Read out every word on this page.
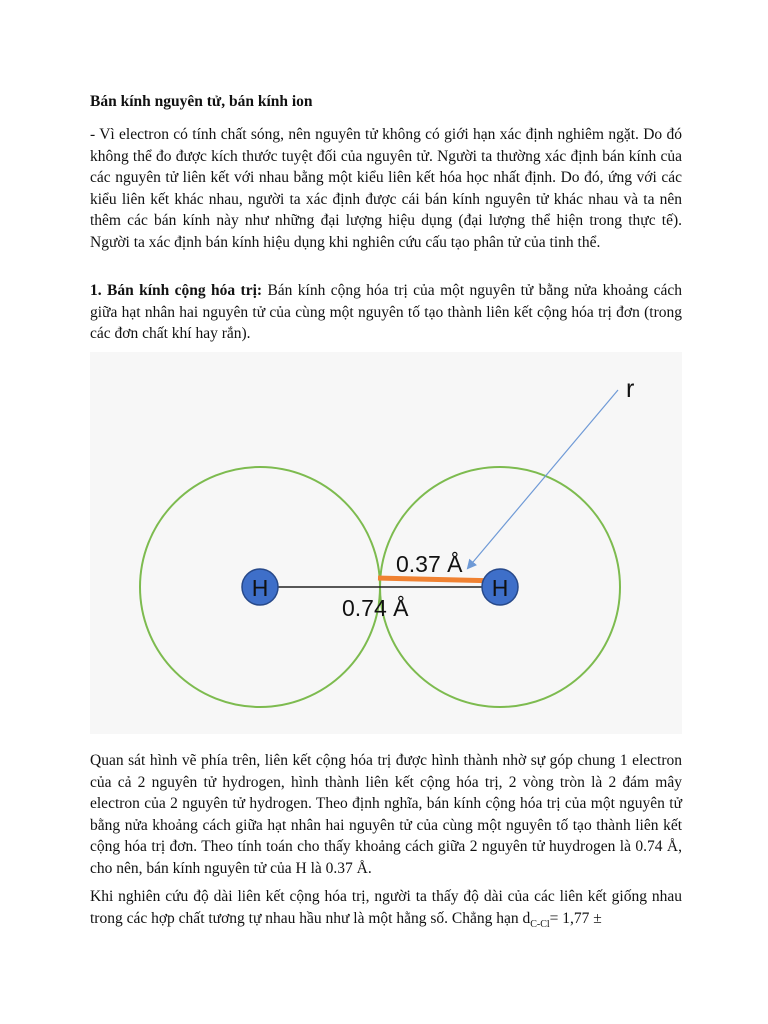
Bán kính nguyên tử, bán kính ion

- Vì electron có tính chất sóng, nên nguyên tử không có giới hạn xác định nghiêm ngặt. Do đó không thể đo được kích thước tuyệt đối của nguyên tử. Người ta thường xác định bán kính của các nguyên tử liên kết với nhau bằng một kiểu liên kết hóa học nhất định. Do đó, ứng với các kiểu liên kết khác nhau, người ta xác định được cái bán kính nguyên tử khác nhau và ta nên thêm các bán kính này như những đại lượng hiệu dụng (đại lượng thể hiện trong thực tế). Người ta xác định bán kính hiệu dụng khi nghiên cứu cấu tạo phân tử của tinh thể.

1. Bán kính cộng hóa trị: Bán kính cộng hóa trị của một nguyên tử bằng nửa khoảng cách giữa hạt nhân hai nguyên tử của cùng một nguyên tố tạo thành liên kết cộng hóa trị đơn (trong các đơn chất khí hay rắn).

Quan sát hình vẽ phía trên, liên kết cộng hóa trị được hình thành nhờ sự góp chung 1 electron của cả 2 nguyên tử hydrogen, hình thành liên kết cộng hóa trị, 2 vòng tròn là 2 đám mây electron của 2 nguyên tử hydrogen. Theo định nghĩa, bán kính cộng hóa trị của một nguyên tử bằng nửa khoảng cách giữa hạt nhân hai nguyên tử của cùng một nguyên tố tạo thành liên kết cộng hóa trị đơn. Theo tính toán cho thấy khoảng cách giữa 2 nguyên tử huydrogen là 0.74 Å, cho nên, bán kính nguyên tử của H là 0.37 Å.

Khi nghiên cứu độ dài liên kết cộng hóa trị, người ta thấy độ dài của các liên kết giống nhau trong các hợp chất tương tự nhau hầu như là một hằng số. Chẳng hạn $d_{C-Cl}= 1,77$ ±

H	H
0.37 Å
0.74 Å
r
